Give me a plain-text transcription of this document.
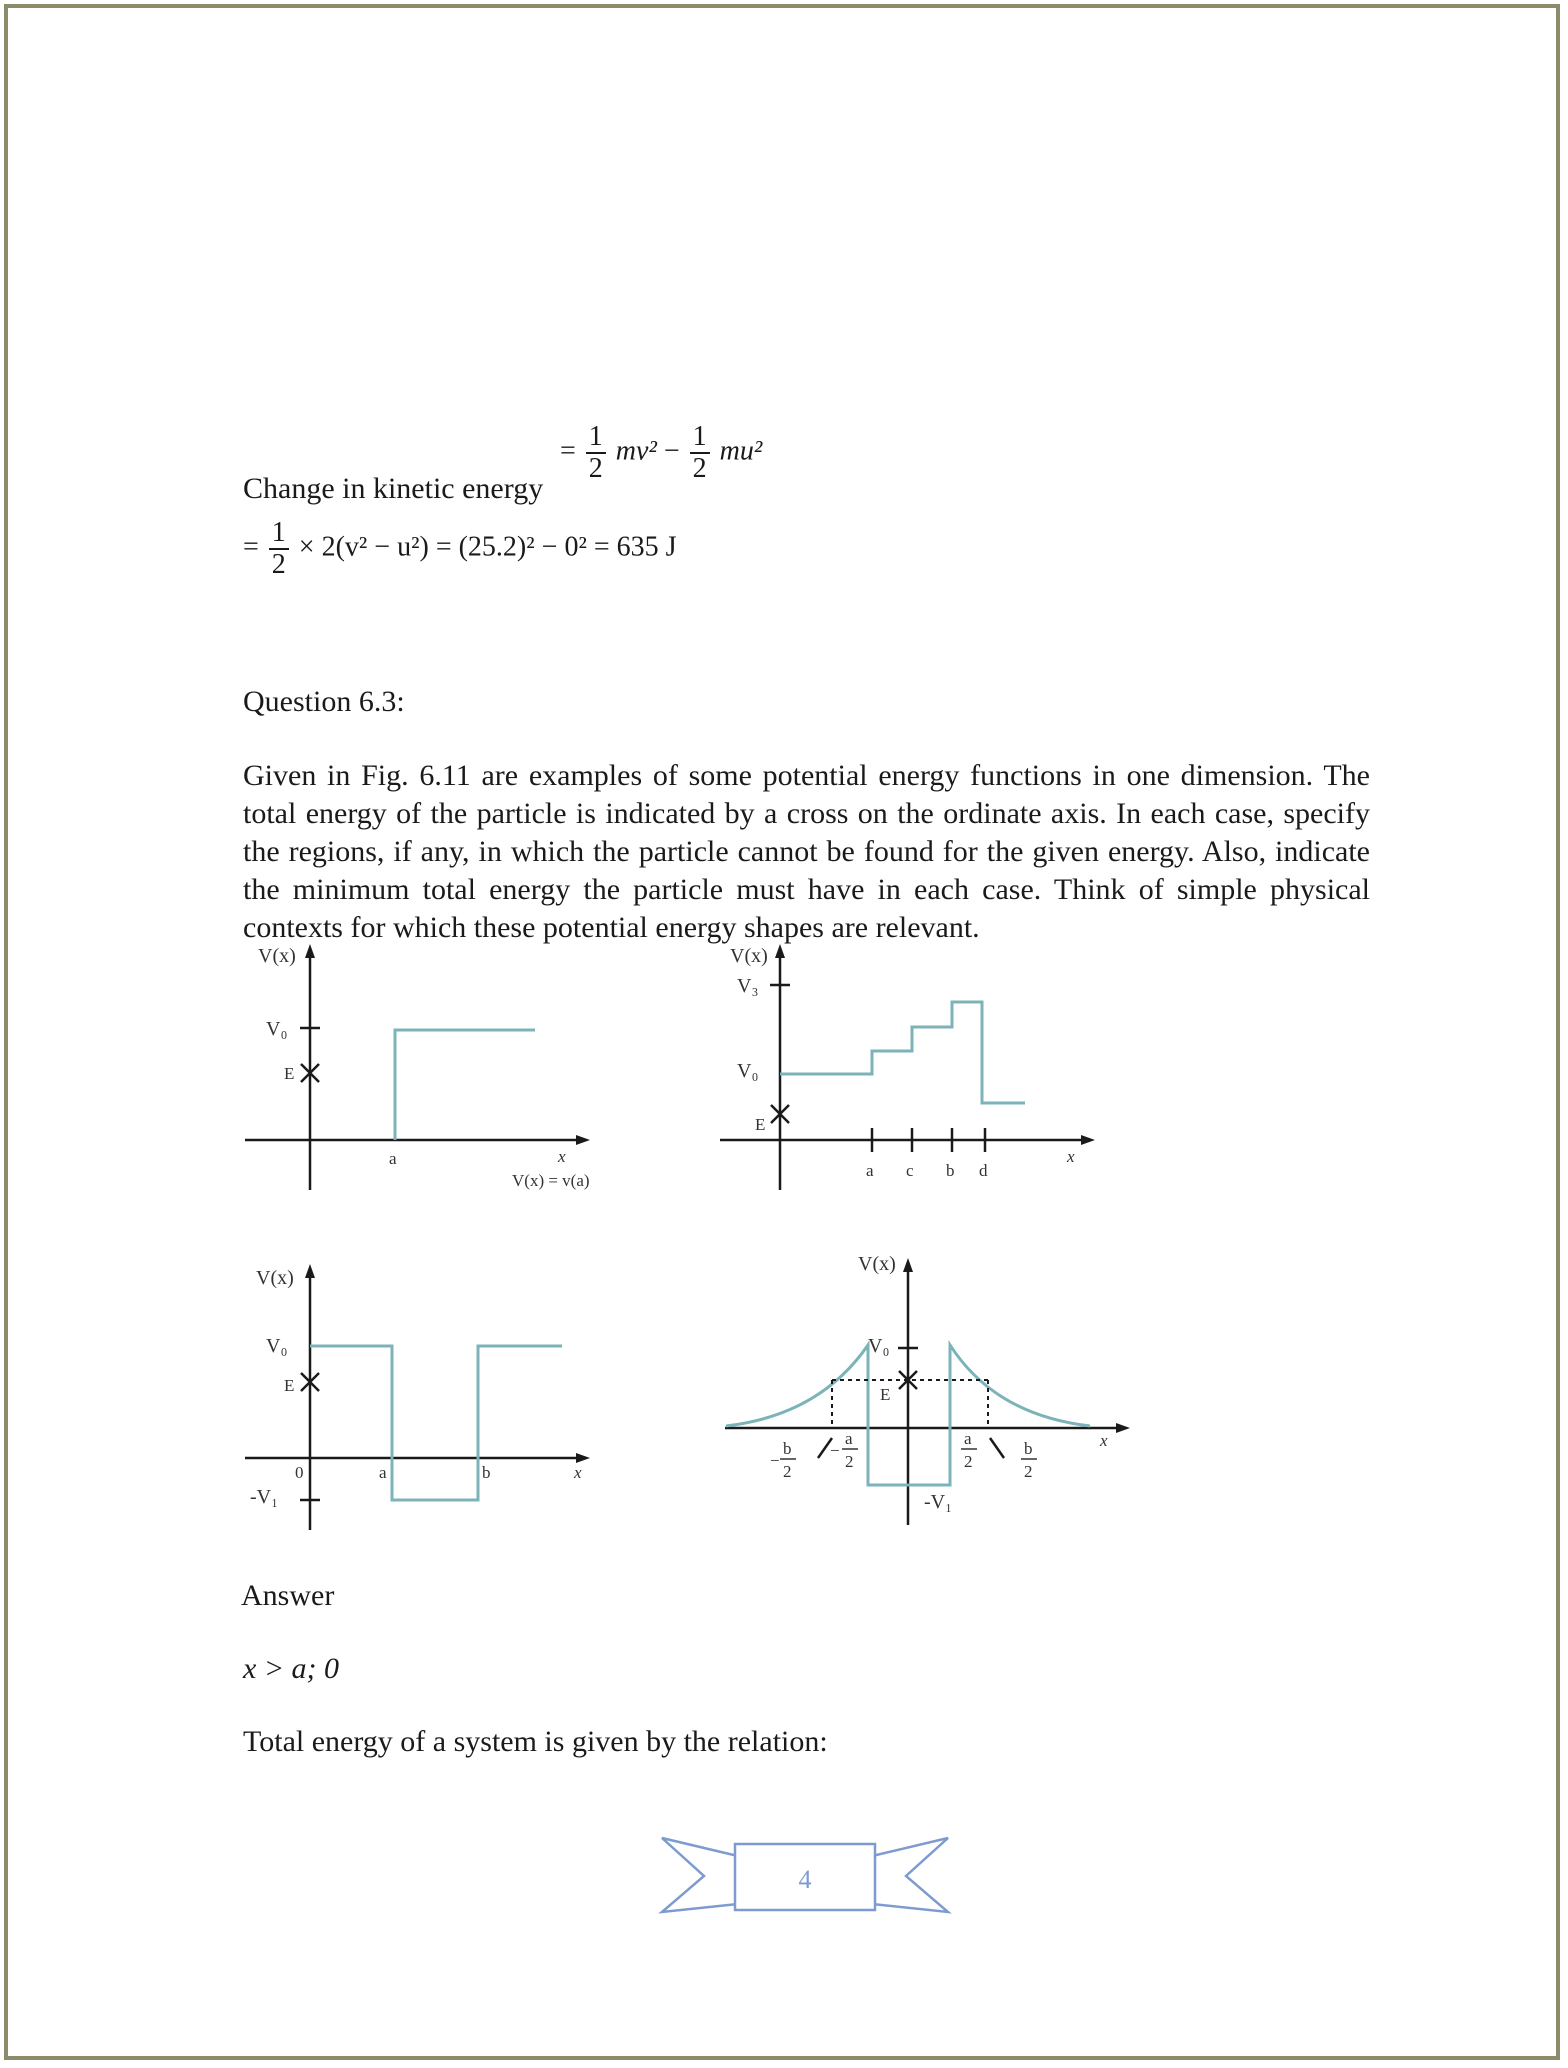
= $\frac{1}{2} mv^2 - \frac{1}{2} mu^2$
Change in kinetic energy
= $\frac{1}{2} \times 2(v^2 - u^2) = (25.2)^2 - 0^2 = 635$ J
Question 6.3:
Given in Fig. 6.11 are examples of some potential energy functions in one dimension. The total energy of the particle is indicated by a cross on the ordinate axis. In each case, specify the regions, if any, in which the particle cannot be found for the given energy. Also, indicate the minimum total energy the particle must have in each case. Think of simple physical contexts for which these potential energy shapes are relevant.
V(x)
V₀
E
a	x
V(x) = v(a)
V(x)
V₃
V₀
E
a c b d
x
V(x)
V₀
E
0	a	b	x
-V₁
V(x)
V₀
E
x
-V₁
−
b
2
−
a
2
a
2
b
2
Answer
x > a; 0
Total energy of a system is given by the relation:
4
